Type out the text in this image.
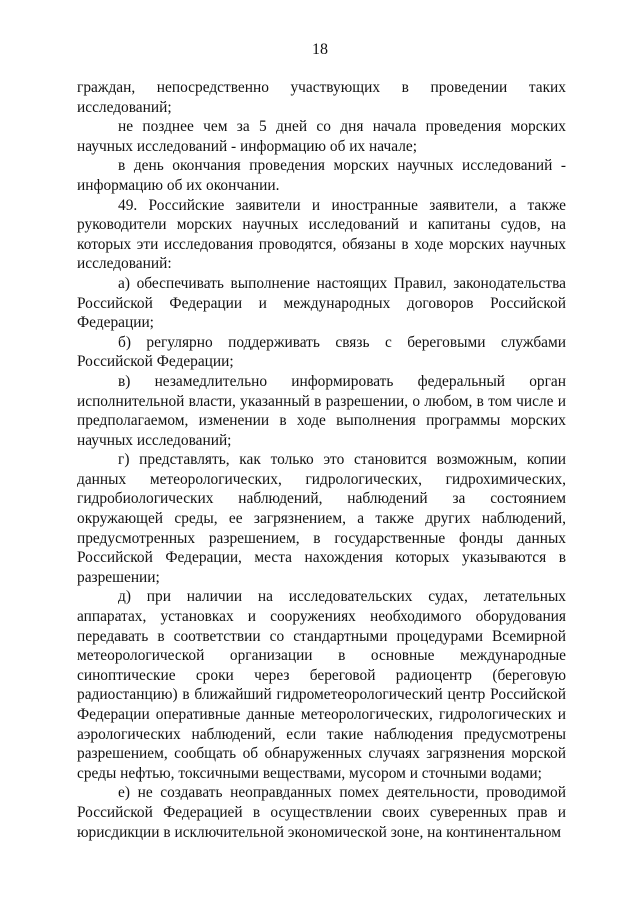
18

граждан, непосредственно участвующих в проведении таких исследований;

не позднее чем за 5 дней со дня начала проведения морских научных исследований - информацию об их начале;

в день окончания проведения морских научных исследований - информацию об их окончании.

49. Российские заявители и иностранные заявители, а также руководители морских научных исследований и капитаны судов, на которых эти исследования проводятся, обязаны в ходе морских научных исследований:

а) обеспечивать выполнение настоящих Правил, законодательства Российской Федерации и международных договоров Российской Федерации;

б) регулярно поддерживать связь с береговыми службами Российской Федерации;

в) незамедлительно информировать федеральный орган исполнительной власти, указанный в разрешении, о любом, в том числе и предполагаемом, изменении в ходе выполнения программы морских научных исследований;

г) представлять, как только это становится возможным, копии данных метеорологических, гидрологических, гидрохимических, гидробиологических наблюдений, наблюдений за состоянием окружающей среды, ее загрязнением, а также других наблюдений, предусмотренных разрешением, в государственные фонды данных Российской Федерации, места нахождения которых указываются в разрешении;

д) при наличии на исследовательских судах, летательных аппаратах, установках и сооружениях необходимого оборудования передавать в соответствии со стандартными процедурами Всемирной метеорологической организации в основные международные синоптические сроки через береговой радиоцентр (береговую радиостанцию) в ближайший гидрометеорологический центр Российской Федерации оперативные данные метеорологических, гидрологических и аэрологических наблюдений, если такие наблюдения предусмотрены разрешением, сообщать об обнаруженных случаях загрязнения морской среды нефтью, токсичными веществами, мусором и сточными водами;

е) не создавать неоправданных помех деятельности, проводимой Российской Федерацией в осуществлении своих суверенных прав и юрисдикции в исключительной экономической зоне, на континентальном
